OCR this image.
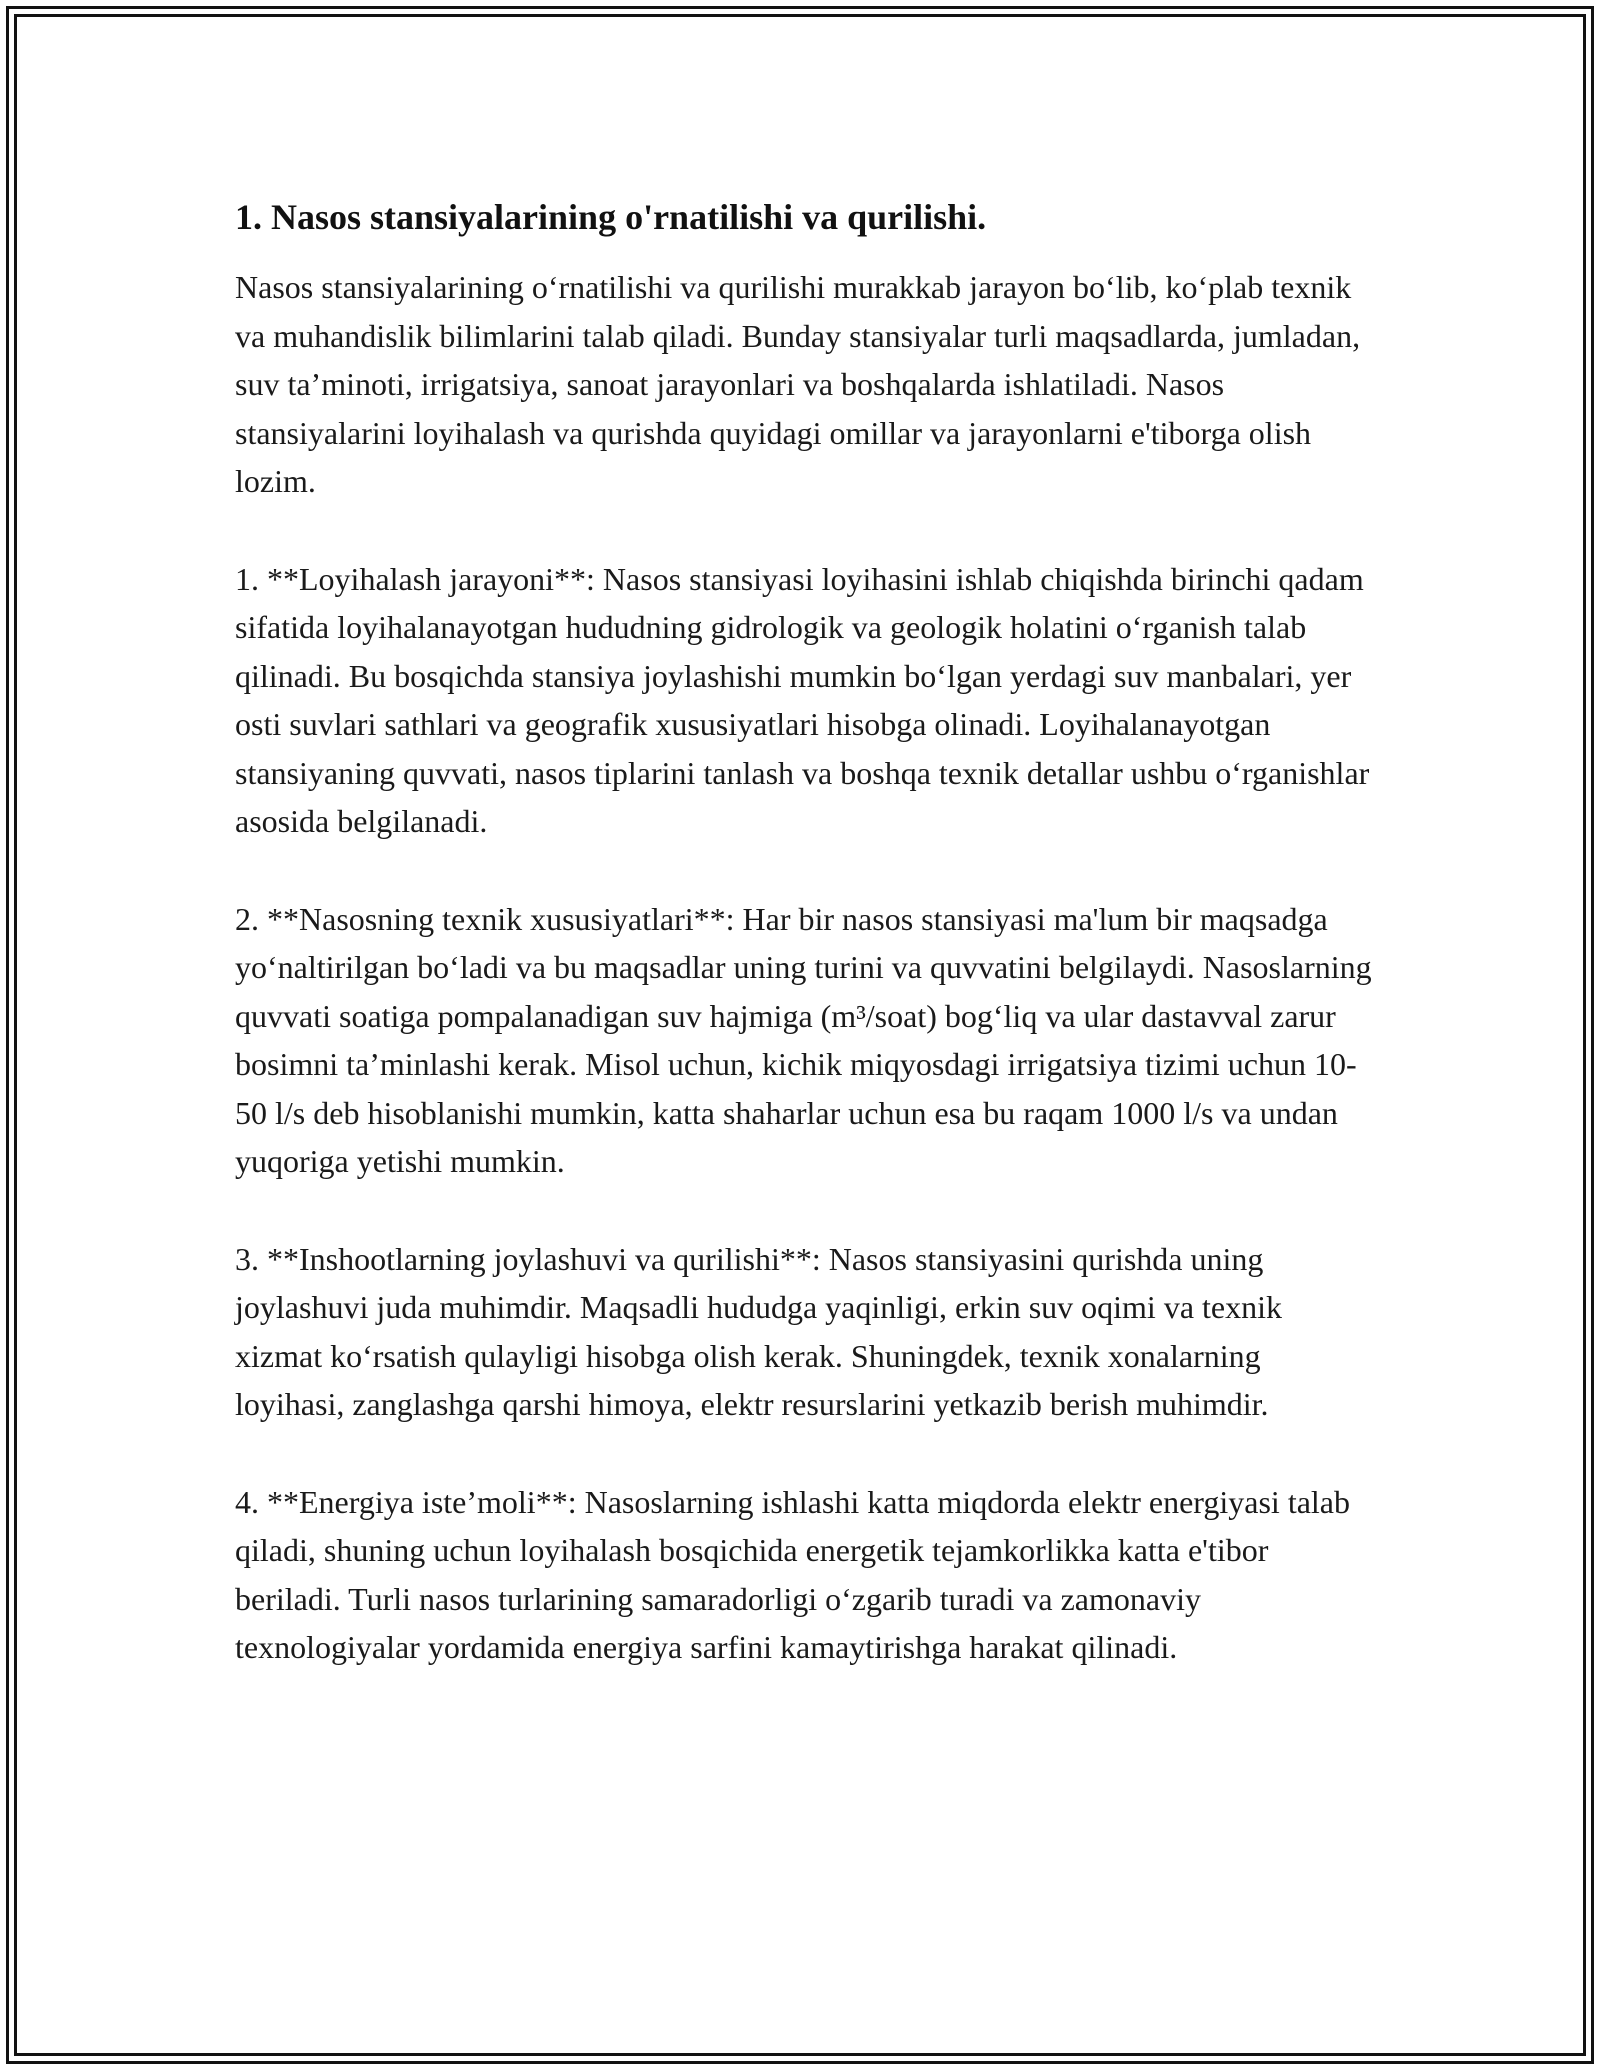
1. Nasos stansiyalarining o'rnatilishi va qurilishi.

Nasos stansiyalarining o‘rnatilishi va qurilishi murakkab jarayon bo‘lib, ko‘plab texnik va muhandislik bilimlarini talab qiladi. Bunday stansiyalar turli maqsadlarda, jumladan, suv ta’minoti, irrigatsiya, sanoat jarayonlari va boshqalarda ishlatiladi. Nasos stansiyalarini loyihalash va qurishda quyidagi omillar va jarayonlarni e'tiborga olish lozim.

1. **Loyihalash jarayoni**: Nasos stansiyasi loyihasini ishlab chiqishda birinchi qadam sifatida loyihalanayotgan hududning gidrologik va geologik holatini o‘rganish talab qilinadi. Bu bosqichda stansiya joylashishi mumkin bo‘lgan yerdagi suv manbalari, yer osti suvlari sathlari va geografik xususiyatlari hisobga olinadi. Loyihalanayotgan stansiyaning quvvati, nasos tiplarini tanlash va boshqa texnik detallar ushbu o‘rganishlar asosida belgilanadi.

2. **Nasosning texnik xususiyatlari**: Har bir nasos stansiyasi ma'lum bir maqsadga yo‘naltirilgan bo‘ladi va bu maqsadlar uning turini va quvvatini belgilaydi. Nasoslarning quvvati soatiga pompalanadigan suv hajmiga (m³/soat) bog‘liq va ular dastavval zarur bosimni ta’minlashi kerak. Misol uchun, kichik miqyosdagi irrigatsiya tizimi uchun 10-50 l/s deb hisoblanishi mumkin, katta shaharlar uchun esa bu raqam 1000 l/s va undan yuqoriga yetishi mumkin.

3. **Inshootlarning joylashuvi va qurilishi**: Nasos stansiyasini qurishda uning joylashuvi juda muhimdir. Maqsadli hududga yaqinligi, erkin suv oqimi va texnik xizmat ko‘rsatish qulayligi hisobga olish kerak. Shuningdek, texnik xonalarning loyihasi, zanglashga qarshi himoya, elektr resurslarini yetkazib berish muhimdir.

4. **Energiya iste’moli**: Nasoslarning ishlashi katta miqdorda elektr energiyasi talab qiladi, shuning uchun loyihalash bosqichida energetik tejamkorlikka katta e'tibor beriladi. Turli nasos turlarining samaradorligi o‘zgarib turadi va zamonaviy texnologiyalar yordamida energiya sarfini kamaytirishga harakat qilinadi.
